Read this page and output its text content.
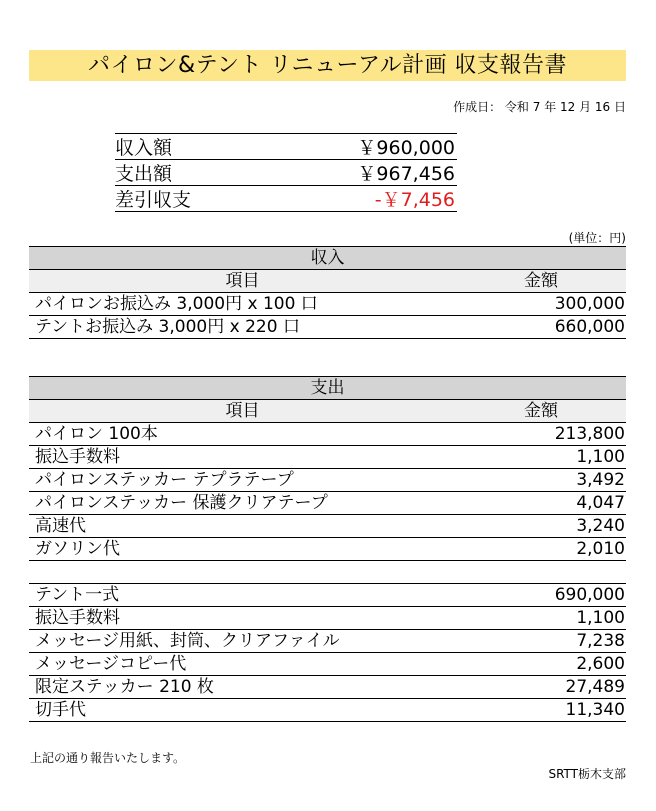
パイロン&テント リニューアル計画 収支報告書
作成日： 令和 7 年 12 月 16 日
収入額	￥960,000
支出額	￥967,456
差引収支	-￥7,456
(単位：円)
収入
項目	金額
パイロンお振込み 3,000円 x 100 口	300,000
テントお振込み 3,000円 x 220 口	660,000
支出
項目	金額
パイロン 100本	213,800
振込手数料	1,100
パイロンステッカー テプラテープ	3,492
パイロンステッカー 保護クリアテープ	4,047
高速代	3,240
ガソリン代	2,010
テント一式	690,000
振込手数料	1,100
メッセージ用紙、封筒、クリアファイル	7,238
メッセージコピー代	2,600
限定ステッカー 210 枚	27,489
切手代	11,340
上記の通り報告いたします。
SRTT栃木支部
